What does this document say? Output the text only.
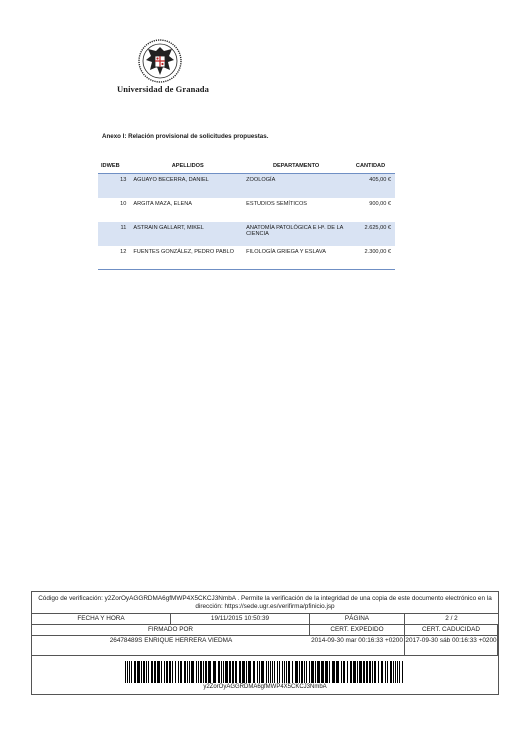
Universidad de Granada
Anexo I: Relación provisional de solicitudes propuestas.
IDWEB	APELLIDOS	DEPARTAMENTO	CANTIDAD
13	AGUAYO BECERRA, DANIEL	ZOOLOGÍA	405,00 €
10	ARGITA MAZA, ELENA	ESTUDIOS SEMÍTICOS	900,00 €
11	ASTRAIN GALLART, MIKEL	ANATOMÍA PATOLÓGICA E Hª. DE LA CIENCIA	2.625,00 €
12	FUENTES GONZÁLEZ, PEDRO PABLO	FILOLOGÍA GRIEGA Y ESLAVA	2.300,00 €
Código de verificación: y2ZorOyAGGRDMA6gfMWP4X5CKCJ3NmbA . Permite la verificación de la integridad de una copia de este documento electrónico en la dirección: https://sede.ugr.es/verifirma/pfinicio.jsp
FECHA Y HORA	19/11/2015 10:50:39	PÁGINA	2 / 2
FIRMADO POR	CERT. EXPEDIDO	CERT. CADUCIDAD
26478489S ENRIQUE HERRERA VIEDMA	2014-09-30 mar 00:16:33 +0200 2017-09-30 sáb 00:16:33 +0200
y2ZorOyAGGRDMA6gfMWP4X5CKCJ3NmbA
